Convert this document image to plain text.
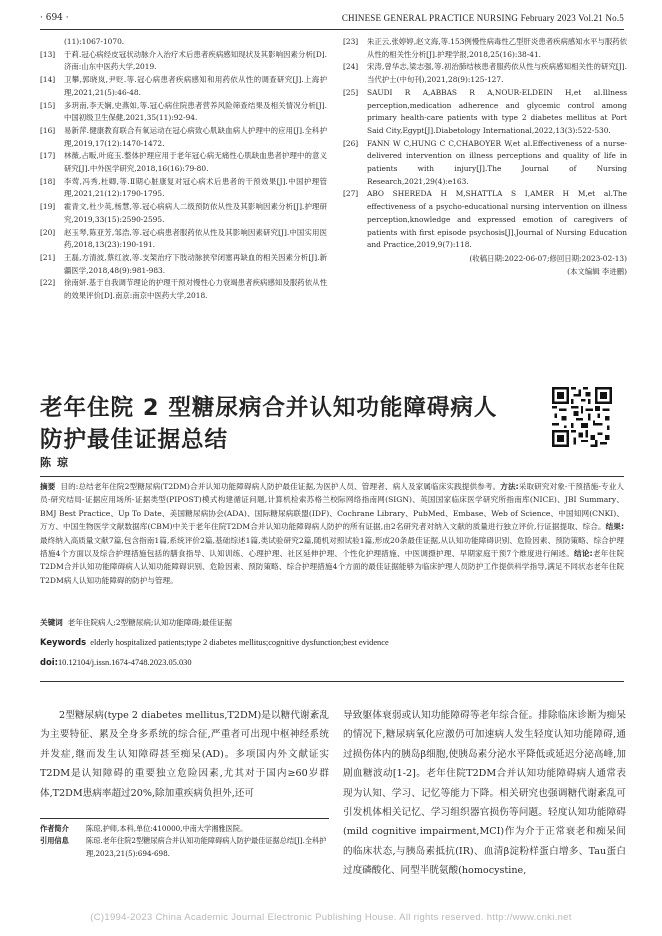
· 694 ·	CHINESE GENERAL PRACTICE NURSING February 2023 Vol.21 No.5
(11):1067-1070.
[13]	于莉.冠心病经皮冠状动脉介入治疗术后患者疾病感知现状及其影响因素分析[D].济南:山东中医药大学,2019.
[14]	卫攀,郭晓岚,尹贬.等.冠心病患者疾病感知和用药依从性的调查研究[J].上海护理,2021,21(5):46-48.
[15]	多玥南,李天娴,史燕如,等.冠心病住院患者营养风险筛查结果及相关情况分析[J].中国初级卫生保健,2021,35(11):92-94.
[16]	易新萍.健康教育联合有氧运动在冠心病致心肌缺血病人护理中的应用[J].全科护理,2019,17(12):1470-1472.
[17]	林薇,占畈,叶庭玉.整体护理应用于老年冠心病无痛性心肌缺血患者护理中的意义研究[J].中外医学研究,2018,16(16):79-80.
[18]	李莺,冯秀,杜卿,等.Ⅱ期心脏康复对冠心病术后患者的干预效果[J].中国护理管理,2021,21(12):1790-1795.
[19]	霍青文,杜少英,杨慧,等.冠心病病人二级预防依从性及其影响因素分析[J].护理研究,2019,33(15):2590-2595.
[20]	赵玉琴,陈亚芳,邹浩,等.冠心病患者服药依从性及其影响因素研究[J].中国实用医药,2018,13(23):190-191.
[21]	王磊,方清波,蔡红波,等.支架治疗下肢动脉狭窄闭塞再缺血的相关因素分析[J].新疆医学,2018,48(9):981-983.
[22]	徐南妍.基于自我调节理论的护理干预对慢性心力衰竭患者疾病感知及服药依从性的效果评价[D].南京:南京中医药大学,2018.
[23]	朱正云,张婷婷,赵文海,等.153例慢性病毒性乙型肝炎患者疾病感知水平与服药依从性的相关性分析[J].护理学报,2018,25(16):38-41.
[24]	宋涛,曾华志,梁志强,等.初治肺结核患者服药依从性与疾病感知相关性的研究[J].当代护士(中旬刊),2021,28(9):125-127.
[25]	SAUDI R A,ABBAS R A,NOUR-ELDEIN H,et al.Illness perception,medication adherence and glycemic control among primary health-care patients with type 2 diabetes mellitus at Port Said City,Egypt[J].Diabetology International,2022,13(3):522-530.
[26]	FANN W C,HUNG C C,CHABOYER W,et al.Effectiveness of a nurse-delivered intervention on illness perceptions and quality of life in patients with injury[J].The Journal of Nursing Research,2021,29(4):e163.
[27]	ABO SHEREDA H M,SHATTLA S I,AMER H M,et al.The effectiveness of a psycho-educational nursing intervention on illness perception,knowledge and expressed emotion of caregivers of patients with first episode psychosis[J].Journal of Nursing Education and Practice,2019,9(7):118.
(收稿日期:2022-06-07;修回日期:2023-02-13)
(本文编辑 李进鹏)
老年住院 2 型糖尿病合并认知功能障碍病人防护最佳证据总结
陈琼
摘要 目的:总结老年住院2型糖尿病(T2DM)合并认知功能障碍病人防护最佳证据,为医护人员、管理者、病人及家属临床实践提供参考。方法:采取研究对象-干预措施-专业人员-研究结局-证据应用场所-证据类型(PIPOST)模式构建循证问题,计算机检索苏格兰校际网络指南网(SIGN)、英国国家临床医学研究所指南库(NICE)、JBI Summary、BMJ Best Practice、Up To Date、美国糖尿病协会(ADA)、国际糖尿病联盟(IDF)、Cochrane Library、PubMed、Embase、Web of Science、中国知网(CNKI)、万方、中国生物医学文献数据库(CBM)中关于老年住院T2DM合并认知功能障碍病人防护的所有证据,由2名研究者对纳入文献的质量进行独立评价,行证据提取、综合。结果:最终纳入高质量文献7篇,包含指南1篇,系统评价2篇,基础综述1篇,类试验研究2篇,随机对照试验1篇,形成20条最佳证据,从认知功能障碍识别、危险因素、预防策略、综合护理措施4个方面以及综合护理措施包括的膳食指导、认知训练、心理护理、社区延伸护理、个性化护理措施、中医调摄护理、早期家庭干预7个维度进行阐述。结论:老年住院T2DM合并认知功能障碍病人认知功能障碍识别、危险因素、预防策略、综合护理措施4个方面的最佳证据能够为临床护理人员防护工作提供科学指导,满足不同状态老年住院T2DM病人认知功能障碍的防护与管理。
关键词 老年住院病人;2型糖尿病;认知功能障碍;最佳证据
Keywords elderly hospitalized patients;type 2 diabetes mellitus;cognitive dysfunction;best evidence
doi:10.12104/j.issn.1674-4748.2023.05.030
2型糖尿病(type 2 diabetes mellitus,T2DM)是以糖代谢紊乱为主要特征、累及全身多系统的综合征,严重者可出现中枢神经系统并发症,继而发生认知障碍甚至痴呆(AD)。多项国内外文献证实T2DM是认知障碍的重要独立危险因素,尤其对于国内≥60岁群体,T2DM患病率超过20%,除加重疾病负担外,还可
导致躯体衰弱或认知功能障碍等老年综合征。排除临床诊断为痴呆的情况下,糖尿病氧化应激仍可加速病人发生轻度认知功能障碍,通过损伤体内的胰岛β细胞,使胰岛素分泌水平降低或延迟分泌高峰,加剧血糖波动[1-2]。老年住院T2DM合并认知功能障碍病人通常表现为认知、学习、记忆等能力下降。相关研究也强调糖代谢紊乱可引发机体相关记忆、学习组织器官损伤等问题。轻度认知功能障碍(mild cognitive impairment,MCI)作为介于正常衰老和痴呆间的临床状态,与胰岛素抵抗(IR)、血清β淀粉样蛋白增多、Tau蛋白过度磷酸化、同型半胱氨酸(homocystine,
作者简介	陈琼,护师,本科,单位:410000,中南大学湘雅医院。
引用信息	陈琼.老年住院2型糖尿病合并认知功能障碍病人防护最佳证据总结[J].全科护理,2023,21(5):694-698.
(C)1994-2023 China Academic Journal Electronic Publishing House. All rights reserved. http://www.cnki.net
